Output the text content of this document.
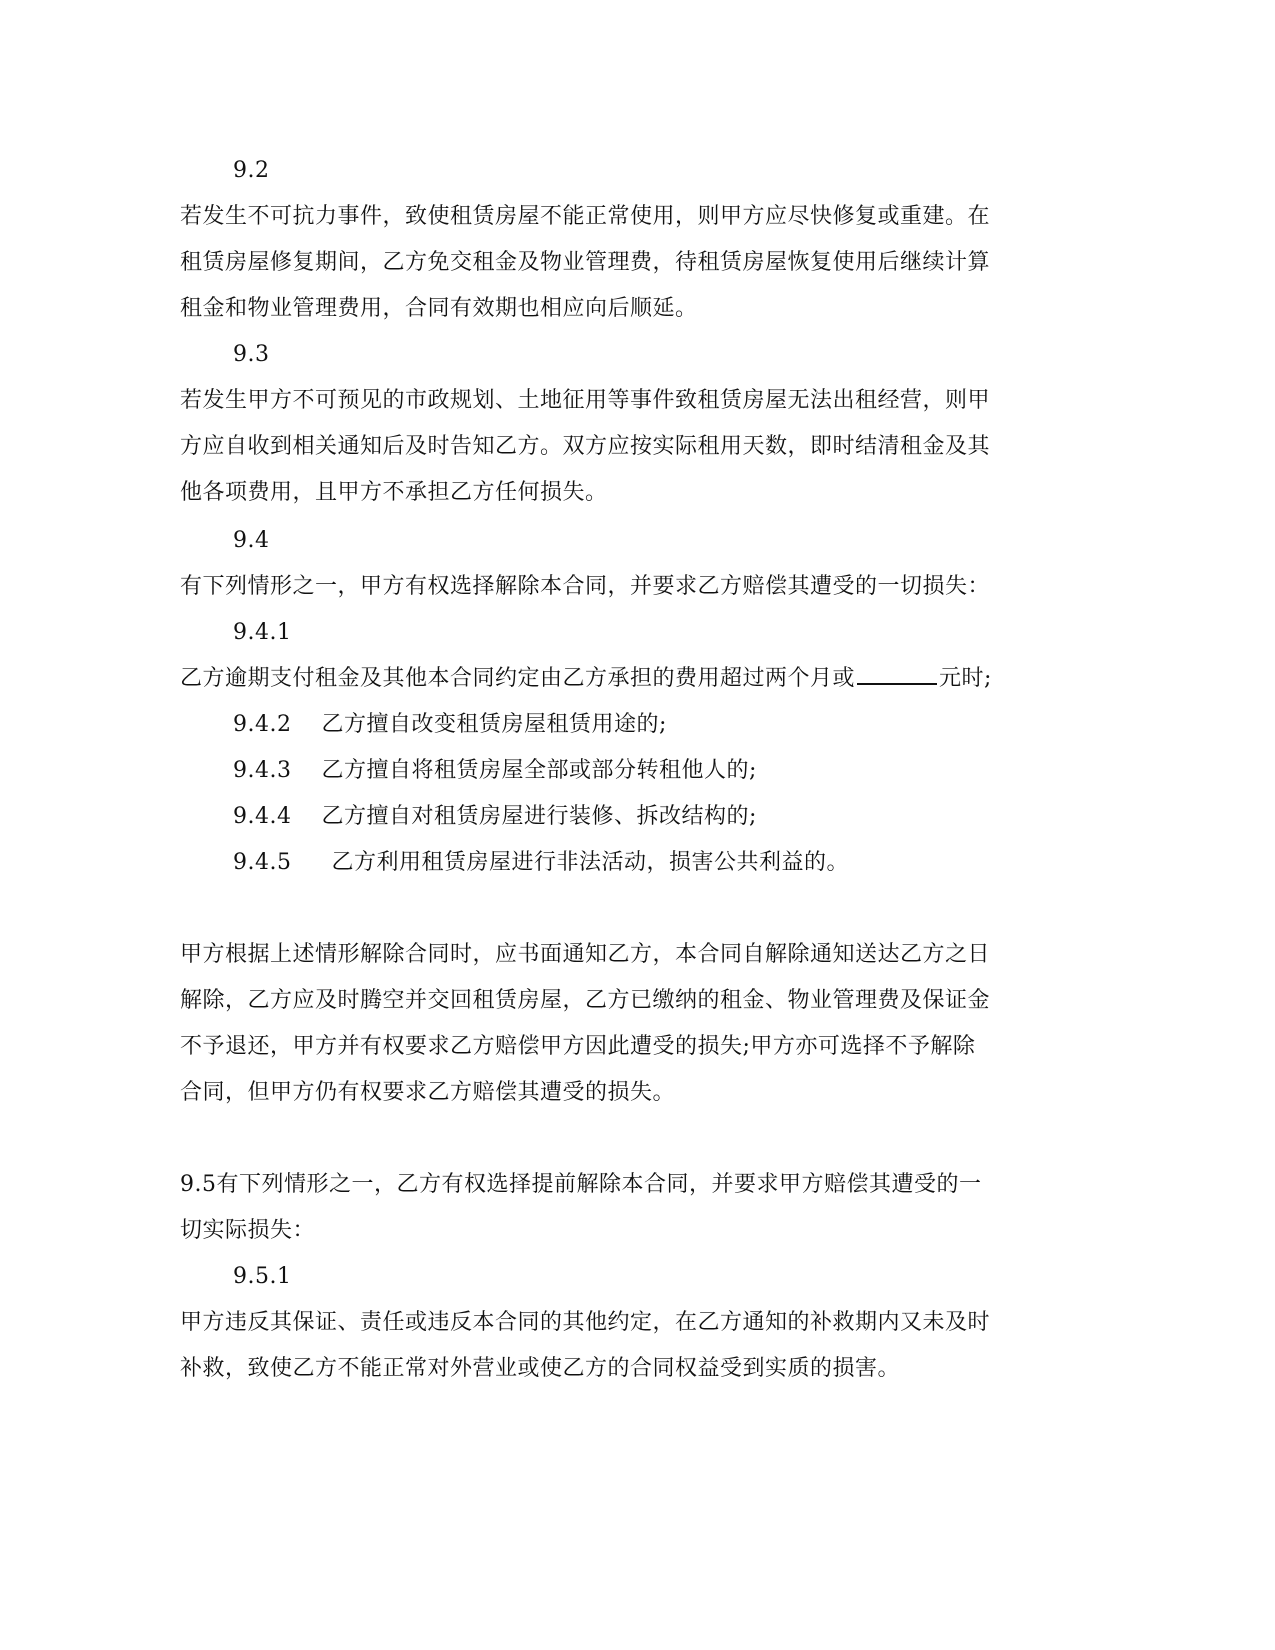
9.2
若发生不可抗力事件，致使租赁房屋不能正常使用，则甲方应尽快修复或重建。在
租赁房屋修复期间，乙方免交租金及物业管理费，待租赁房屋恢复使用后继续计算
租金和物业管理费用，合同有效期也相应向后顺延。
9.3
若发生甲方不可预见的市政规划、土地征用等事件致租赁房屋无法出租经营，则甲
方应自收到相关通知后及时告知乙方。双方应按实际租用天数，即时结清租金及其
他各项费用，且甲方不承担乙方任何损失。
9.4
有下列情形之一，甲方有权选择解除本合同，并要求乙方赔偿其遭受的一切损失：
9.4.1
乙方逾期支付租金及其他本合同约定由乙方承担的费用超过两个月或	元时;
9.4.2 乙方擅自改变租赁房屋租赁用途的;
9.4.3 乙方擅自将租赁房屋全部或部分转租他人的;
9.4.4 乙方擅自对租赁房屋进行装修、拆改结构的;
9.4.5 乙方利用租赁房屋进行非法活动，损害公共利益的。
甲方根据上述情形解除合同时，应书面通知乙方，本合同自解除通知送达乙方之日
解除，乙方应及时腾空并交回租赁房屋，乙方已缴纳的租金、物业管理费及保证金
不予退还，甲方并有权要求乙方赔偿甲方因此遭受的损失;甲方亦可选择不予解除
合同，但甲方仍有权要求乙方赔偿其遭受的损失。
9.5有下列情形之一，乙方有权选择提前解除本合同，并要求甲方赔偿其遭受的一
切实际损失：
9.5.1
甲方违反其保证、责任或违反本合同的其他约定，在乙方通知的补救期内又未及时
补救，致使乙方不能正常对外营业或使乙方的合同权益受到实质的损害。
